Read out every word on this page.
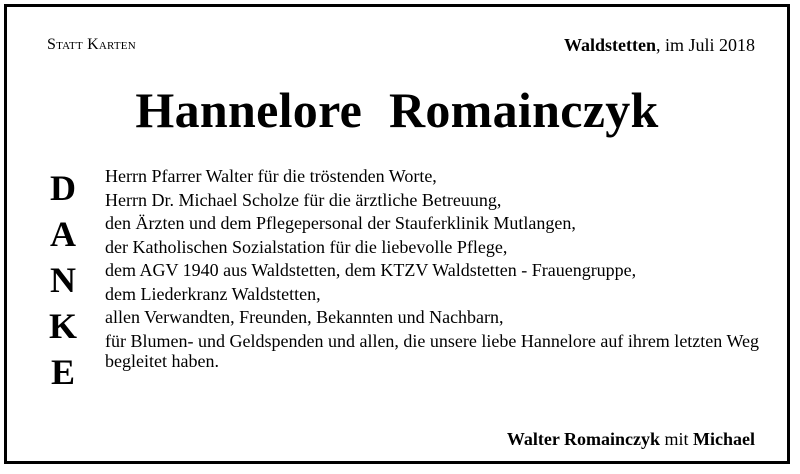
Statt Karten	Waldstetten, im Juli 2018
Hannelore Romainczyk
D
A
N
K
E
Herrn Pfarrer Walter für die tröstenden Worte,
Herrn Dr. Michael Scholze für die ärztliche Betreuung,
den Ärzten und dem Pflegepersonal der Stauferklinik Mutlangen,
der Katholischen Sozialstation für die liebevolle Pflege,
dem AGV 1940 aus Waldstetten, dem KTZV Waldstetten - Frauengruppe,
dem Liederkranz Waldstetten,
allen Verwandten, Freunden, Bekannten und Nachbarn,
für Blumen- und Geldspenden und allen, die unsere liebe Hannelore auf ihrem letzten Weg begleitet haben.
Walter Romainczyk mit Michael
